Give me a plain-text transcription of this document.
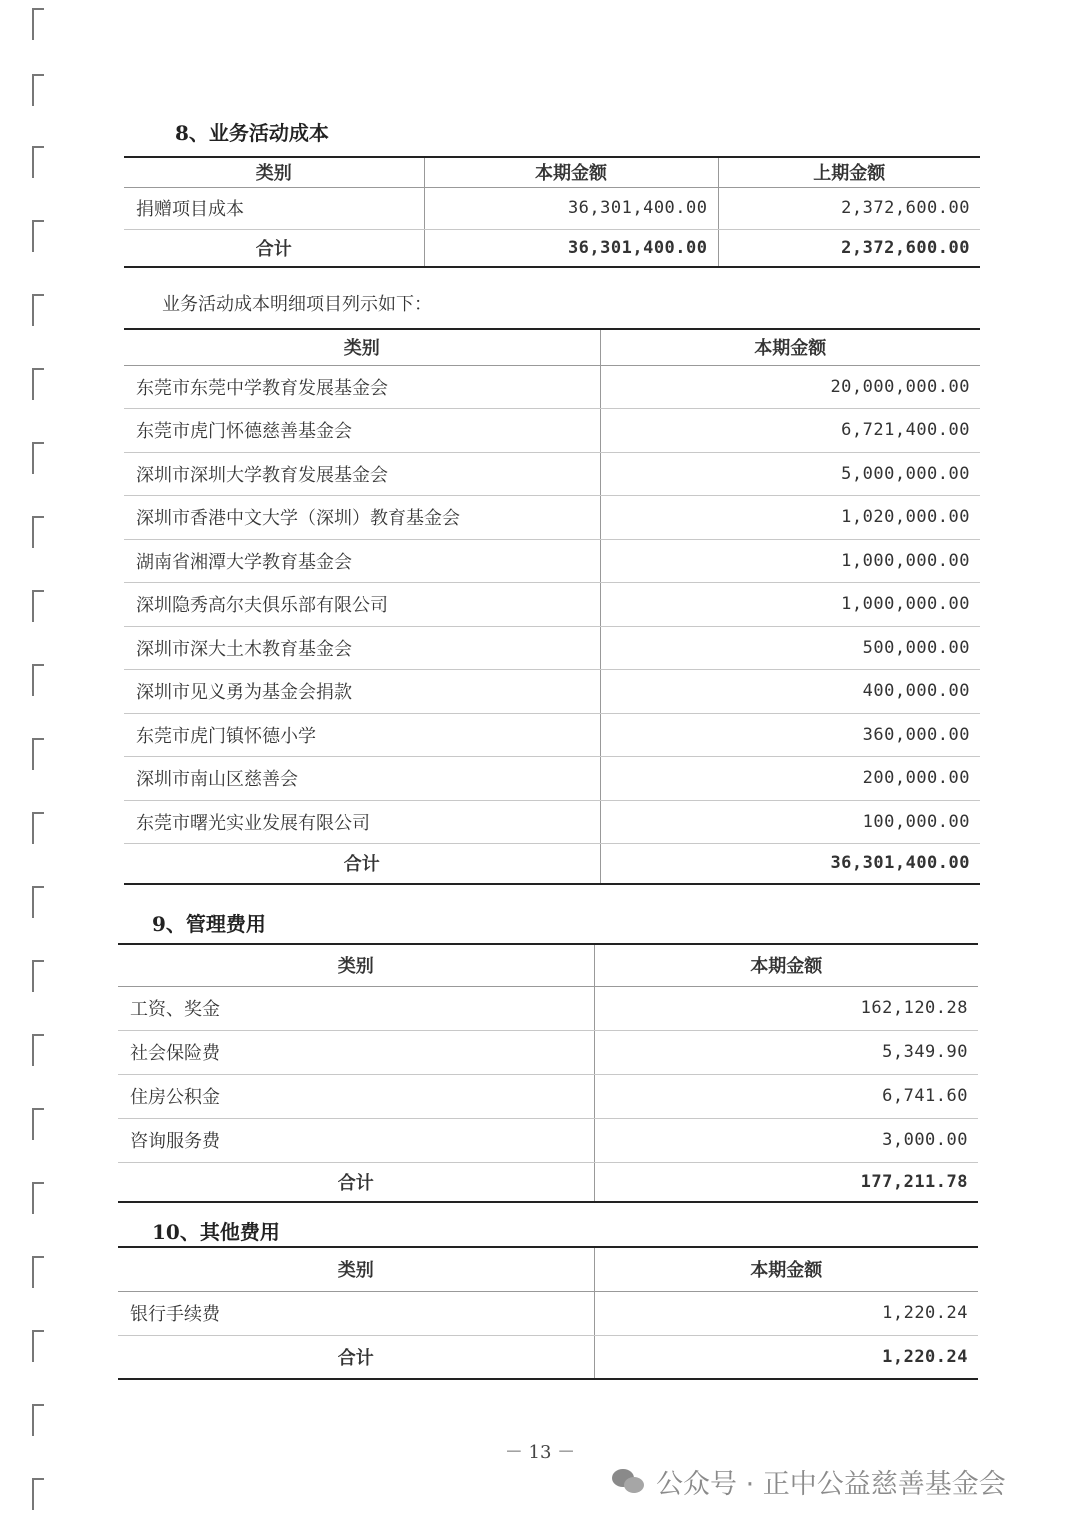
8、业务活动成本
类别	本期金额	上期金额
捐赠项目成本	36,301,400.00	2,372,600.00
合计	36,301,400.00	2,372,600.00
业务活动成本明细项目列示如下：
类别	本期金额
东莞市东莞中学教育发展基金会	20,000,000.00
东莞市虎门怀德慈善基金会	6,721,400.00
深圳市深圳大学教育发展基金会	5,000,000.00
深圳市香港中文大学（深圳）教育基金会	1,020,000.00
湖南省湘潭大学教育基金会	1,000,000.00
深圳隐秀高尔夫俱乐部有限公司	1,000,000.00
深圳市深大土木教育基金会	500,000.00
深圳市见义勇为基金会捐款	400,000.00
东莞市虎门镇怀德小学	360,000.00
深圳市南山区慈善会	200,000.00
东莞市曙光实业发展有限公司	100,000.00
合计	36,301,400.00
9、管理费用
类别	本期金额
工资、奖金	162,120.28
社会保险费	5,349.90
住房公积金	6,741.60
咨询服务费	3,000.00
合计	177,211.78
10、其他费用
类别	本期金额
银行手续费	1,220.24
合计	1,220.24
－ 13 －
公众号 · 正中公益慈善基金会
